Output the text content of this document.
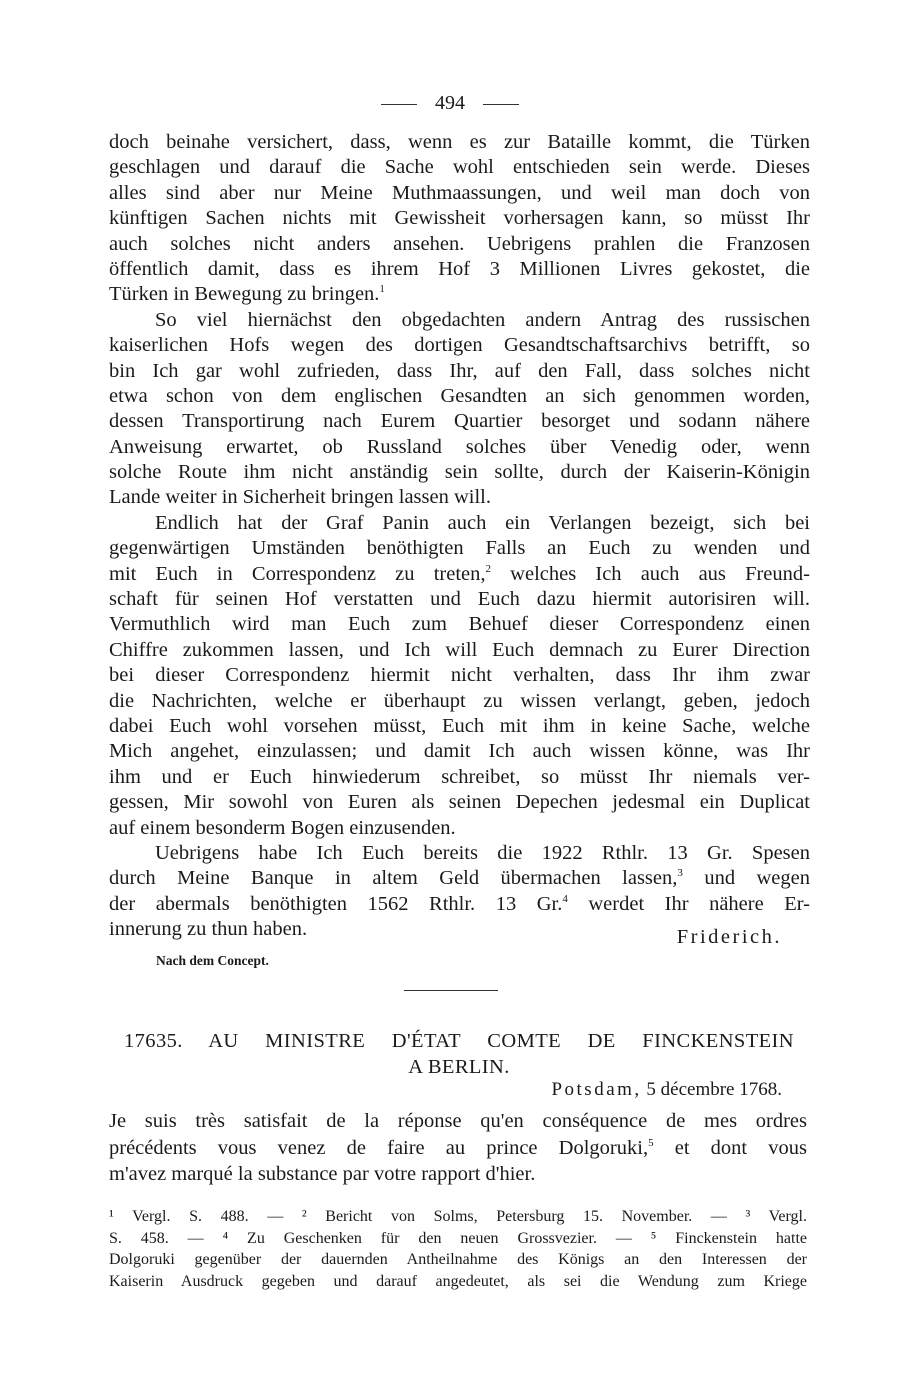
494
doch beinahe versichert, dass, wenn es zur Bataille kommt, die Türken
geschlagen und darauf die Sache wohl entschieden sein werde. Dieses
alles sind aber nur Meine Muthmaassungen, und weil man doch von
künftigen Sachen nichts mit Gewissheit vorhersagen kann, so müsst Ihr
auch solches nicht anders ansehen. Uebrigens prahlen die Franzosen
öffentlich damit, dass es ihrem Hof 3 Millionen Livres gekostet, die
Türken in Bewegung zu bringen.$^1$
So viel hiernächst den obgedachten andern Antrag des russischen
kaiserlichen Hofs wegen des dortigen Gesandtschaftsarchivs betrifft, so
bin Ich gar wohl zufrieden, dass Ihr, auf den Fall, dass solches nicht
etwa schon von dem englischen Gesandten an sich genommen worden,
dessen Transportirung nach Eurem Quartier besorget und sodann nähere
Anweisung erwartet, ob Russland solches über Venedig oder, wenn
solche Route ihm nicht anständig sein sollte, durch der Kaiserin-Königin
Lande weiter in Sicherheit bringen lassen will.
Endlich hat der Graf Panin auch ein Verlangen bezeigt, sich bei
gegenwärtigen Umständen benöthigten Falls an Euch zu wenden und
mit Euch in Correspondenz zu treten,$^2$ welches Ich auch aus Freund-
schaft für seinen Hof verstatten und Euch dazu hiermit autorisiren will.
Vermuthlich wird man Euch zum Behuef dieser Correspondenz einen
Chiffre zukommen lassen, und Ich will Euch demnach zu Eurer Direction
bei dieser Correspondenz hiermit nicht verhalten, dass Ihr ihm zwar
die Nachrichten, welche er überhaupt zu wissen verlangt, geben, jedoch
dabei Euch wohl vorsehen müsst, Euch mit ihm in keine Sache, welche
Mich angehet, einzulassen; und damit Ich auch wissen könne, was Ihr
ihm und er Euch hinwiederum schreibet, so müsst Ihr niemals ver-
gessen, Mir sowohl von Euren als seinen Depechen jedesmal ein Duplicat
auf einem besonderm Bogen einzusenden.
Uebrigens habe Ich Euch bereits die 1922 Rthlr. 13 Gr. Spesen
durch Meine Banque in altem Geld übermachen lassen,$^3$ und wegen
der abermals benöthigten 1562 Rthlr. 13 Gr.$^4$ werdet Ihr nähere Er-
innerung zu thun haben.	Friderich.
Nach dem Concept.
17635. AU MINISTRE D'ÉTAT COMTE DE FINCKENSTEIN
A BERLIN.
Potsdam, 5 décembre 1768.
Je suis très satisfait de la réponse qu'en conséquence de mes ordres
précédents vous venez de faire au prince Dolgoruki,$^5$ et dont vous
m'avez marqué la substance par votre rapport d'hier.
¹ Vergl. S. 488. — ² Bericht von Solms, Petersburg 15. November. — ³ Vergl.
S. 458. — ⁴ Zu Geschenken für den neuen Grossvezier. — ⁵ Finckenstein hatte
Dolgoruki gegenüber der dauernden Antheilnahme des Königs an den Interessen der
Kaiserin Ausdruck gegeben und darauf angedeutet, als sei die Wendung zum Kriege
